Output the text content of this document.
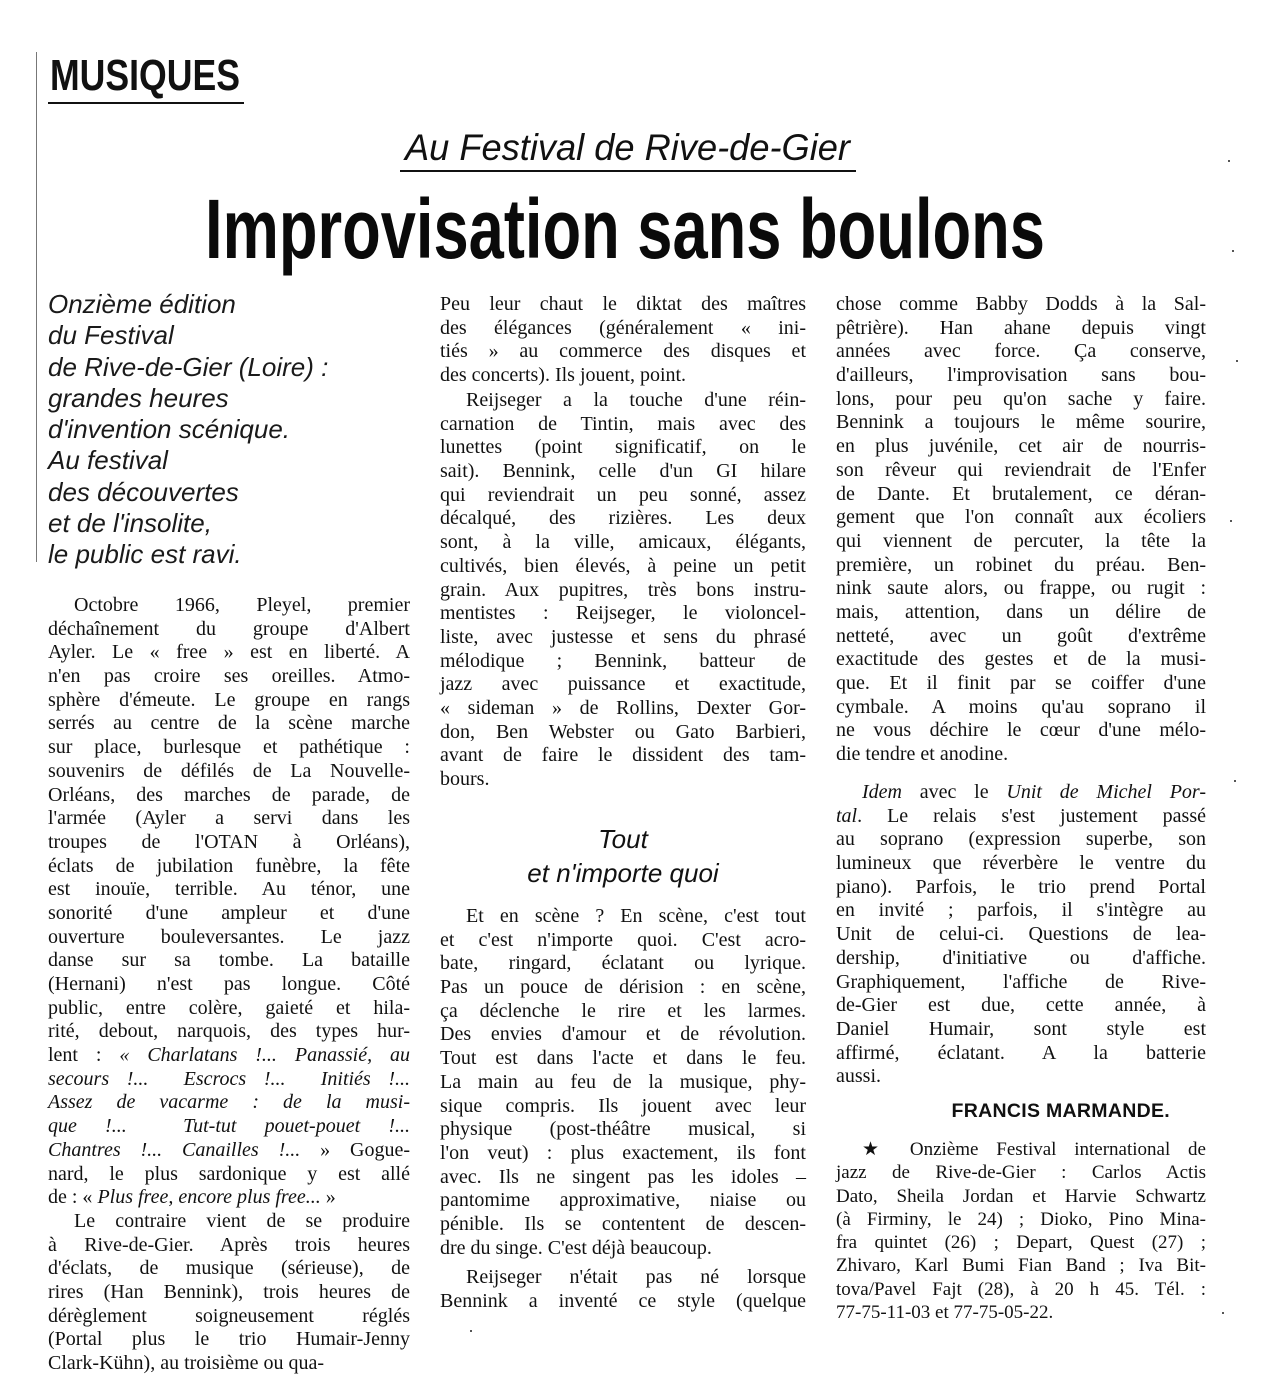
MUSIQUES
Au Festival de Rive-de-Gier
Improvisation sans boulons
Onzième édition
du Festival
de Rive-de-Gier (Loire) :
grandes heures
d'invention scénique.
Au festival
des découvertes
et de l'insolite,
le public est ravi.
Octobre 1966, Pleyel, premier
déchaînement du groupe d'Albert
Ayler. Le « free » est en liberté. A
n'en pas croire ses oreilles. Atmo-
sphère d'émeute. Le groupe en rangs
serrés au centre de la scène marche
sur place, burlesque et pathétique :
souvenirs de défilés de La Nouvelle-
Orléans, des marches de parade, de
l'armée (Ayler a servi dans les
troupes de l'OTAN à Orléans),
éclats de jubilation funèbre, la fête
est inouïe, terrible. Au ténor, une
sonorité d'une ampleur et d'une
ouverture bouleversantes. Le jazz
danse sur sa tombe. La bataille
(Hernani) n'est pas longue. Côté
public, entre colère, gaieté et hila-
rité, debout, narquois, des types hur-
lent : « Charlatans !... Panassié, au
secours !...  Escrocs !...  Initiés !...
Assez de vacarme : de la musi-
que !...  Tut-tut pouet-pouet !...
Chantres !... Canailles !... » Gogue-
nard, le plus sardonique y est allé
de : « Plus free, encore plus free... »
Le contraire vient de se produire
à Rive-de-Gier. Après trois heures
d'éclats, de musique (sérieuse), de
rires (Han Bennink), trois heures de
dérèglement soigneusement réglés
(Portal plus le trio Humair-Jenny
Clark-Kühn), au troisième ou qua-
Peu leur chaut le diktat des maîtres
des élégances (généralement « ini-
tiés » au commerce des disques et
des concerts). Ils jouent, point.
Reijseger a la touche d'une réin-
carnation de Tintin, mais avec des
lunettes (point significatif, on le
sait). Bennink, celle d'un GI hilare
qui reviendrait un peu sonné, assez
décalqué, des rizières. Les deux
sont, à la ville, amicaux, élégants,
cultivés, bien élevés, à peine un petit
grain. Aux pupitres, très bons instru-
mentistes : Reijseger, le violoncel-
liste, avec justesse et sens du phrasé
mélodique ; Bennink, batteur de
jazz avec puissance et exactitude,
« sideman » de Rollins, Dexter Gor-
don, Ben Webster ou Gato Barbieri,
avant de faire le dissident des tam-
bours.
Tout
et n'importe quoi
Et en scène ? En scène, c'est tout
et c'est n'importe quoi. C'est acro-
bate, ringard, éclatant ou lyrique.
Pas un pouce de dérision : en scène,
ça déclenche le rire et les larmes.
Des envies d'amour et de révolution.
Tout est dans l'acte et dans le feu.
La main au feu de la musique, phy-
sique compris. Ils jouent avec leur
physique (post-théâtre musical, si
l'on veut) : plus exactement, ils font
avec. Ils ne singent pas les idoles –
pantomime approximative, niaise ou
pénible. Ils se contentent de descen-
dre du singe. C'est déjà beaucoup.
Reijseger n'était pas né lorsque
Bennink a inventé ce style (quelque
chose comme Babby Dodds à la Sal-
pêtrière). Han ahane depuis vingt
années avec force. Ça conserve,
d'ailleurs, l'improvisation sans bou-
lons, pour peu qu'on sache y faire.
Bennink a toujours le même sourire,
en plus juvénile, cet air de nourris-
son rêveur qui reviendrait de l'Enfer
de Dante. Et brutalement, ce déran-
gement que l'on connaît aux écoliers
qui viennent de percuter, la tête la
première, un robinet du préau. Ben-
nink saute alors, ou frappe, ou rugit :
mais, attention, dans un délire de
netteté, avec un goût d'extrême
exactitude des gestes et de la musi-
que. Et il finit par se coiffer d'une
cymbale. A moins qu'au soprano il
ne vous déchire le cœur d'une mélo-
die tendre et anodine.
Idem avec le Unit de Michel Por-
tal. Le relais s'est justement passé
au soprano (expression superbe, son
lumineux que réverbère le ventre du
piano). Parfois, le trio prend Portal
en invité ; parfois, il s'intègre au
Unit de celui-ci. Questions de lea-
dership, d'initiative ou d'affiche.
Graphiquement, l'affiche de Rive-
de-Gier est due, cette année, à
Daniel Humair, sont style est
affirmé, éclatant. A la batterie
aussi.
FRANCIS MARMANDE.
★ Onzième Festival international de
jazz de Rive-de-Gier : Carlos Actis
Dato, Sheila Jordan et Harvie Schwartz
(à Firminy, le 24) ; Dioko, Pino Mina-
fra quintet (26) ; Depart, Quest (27) ;
Zhivaro, Karl Bumi Fian Band ; Iva Bit-
tova/Pavel Fajt (28), à 20 h 45. Tél. :
77-75-11-03 et 77-75-05-22.
